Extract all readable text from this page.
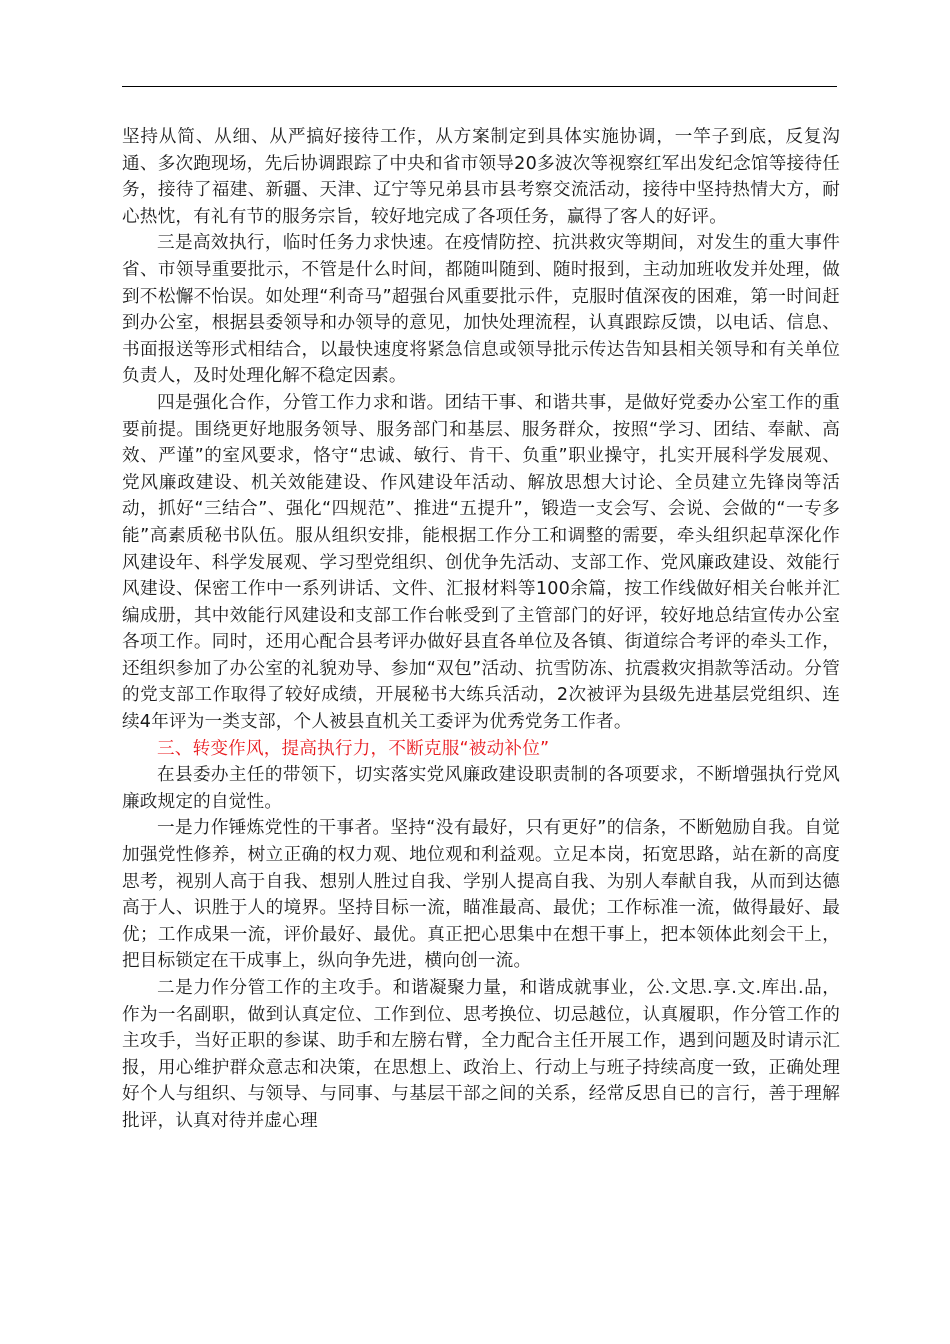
坚持从简、从细、从严搞好接待工作，从方案制定到具体实施协调，一竿子到底，反复沟通、多次跑现场，先后协调跟踪了中央和省市领导20多波次等视察红军出发纪念馆等接待任务，接待了福建、新疆、天津、辽宁等兄弟县市县考察交流活动，接待中坚持热情大方，耐心热忱，有礼有节的服务宗旨，较好地完成了各项任务，赢得了客人的好评。

三是高效执行，临时任务力求快速。在疫情防控、抗洪救灾等期间，对发生的重大事件省、市领导重要批示，不管是什么时间，都随叫随到、随时报到，主动加班收发并处理，做到不松懈不怡误。如处理“利奇马”超强台风重要批示件，克服时值深夜的困难，第一时间赶到办公室，根据县委领导和办领导的意见，加快处理流程，认真跟踪反馈，以电话、信息、书面报送等形式相结合，以最快速度将紧急信息或领导批示传达告知县相关领导和有关单位负责人，及时处理化解不稳定因素。

四是强化合作，分管工作力求和谐。团结干事、和谐共事，是做好党委办公室工作的重要前提。围绕更好地服务领导、服务部门和基层、服务群众，按照“学习、团结、奉献、高效、严谨”的室风要求，恪守“忠诚、敏行、肯干、负重”职业操守，扎实开展科学发展观、党风廉政建设、机关效能建设、作风建设年活动、解放思想大讨论、全员建立先锋岗等活动，抓好“三结合”、强化“四规范”、推进“五提升”，锻造一支会写、会说、会做的“一专多能”高素质秘书队伍。服从组织安排，能根据工作分工和调整的需要，牵头组织起草深化作风建设年、科学发展观、学习型党组织、创优争先活动、支部工作、党风廉政建设、效能行风建设、保密工作中一系列讲话、文件、汇报材料等100余篇，按工作线做好相关台帐并汇编成册，其中效能行风建设和支部工作台帐受到了主管部门的好评，较好地总结宣传办公室各项工作。同时，还用心配合县考评办做好县直各单位及各镇、街道综合考评的牵头工作，还组织参加了办公室的礼貌劝导、参加“双包”活动、抗雪防冻、抗震救灾捐款等活动。分管的党支部工作取得了较好成绩，开展秘书大练兵活动，2次被评为县级先进基层党组织、连续4年评为一类支部，个人被县直机关工委评为优秀党务工作者。

三、转变作风，提高执行力，不断克服“被动补位”

在县委办主任的带领下，切实落实党风廉政建设职责制的各项要求，不断增强执行党风廉政规定的自觉性。

一是力作锤炼党性的干事者。坚持“没有最好，只有更好”的信条，不断勉励自我。自觉加强党性修养，树立正确的权力观、地位观和利益观。立足本岗，拓宽思路，站在新的高度思考，视别人高于自我、想别人胜过自我、学别人提高自我、为别人奉献自我，从而到达德高于人、识胜于人的境界。坚持目标一流，瞄准最高、最优；工作标准一流，做得最好、最优；工作成果一流，评价最好、最优。真正把心思集中在想干事上，把本领体此刻会干上，把目标锁定在干成事上，纵向争先进，横向创一流。

二是力作分管工作的主攻手。和谐凝聚力量，和谐成就事业，公.文思.享.文.库出.品，作为一名副职，做到认真定位、工作到位、思考换位、切忌越位，认真履职，作分管工作的主攻手，当好正职的参谋、助手和左膀右臂，全力配合主任开展工作，遇到问题及时请示汇报，用心维护群众意志和决策，在思想上、政治上、行动上与班子持续高度一致，正确处理好个人与组织、与领导、与同事、与基层干部之间的关系，经常反思自已的言行，善于理解批评，认真对待并虚心理
